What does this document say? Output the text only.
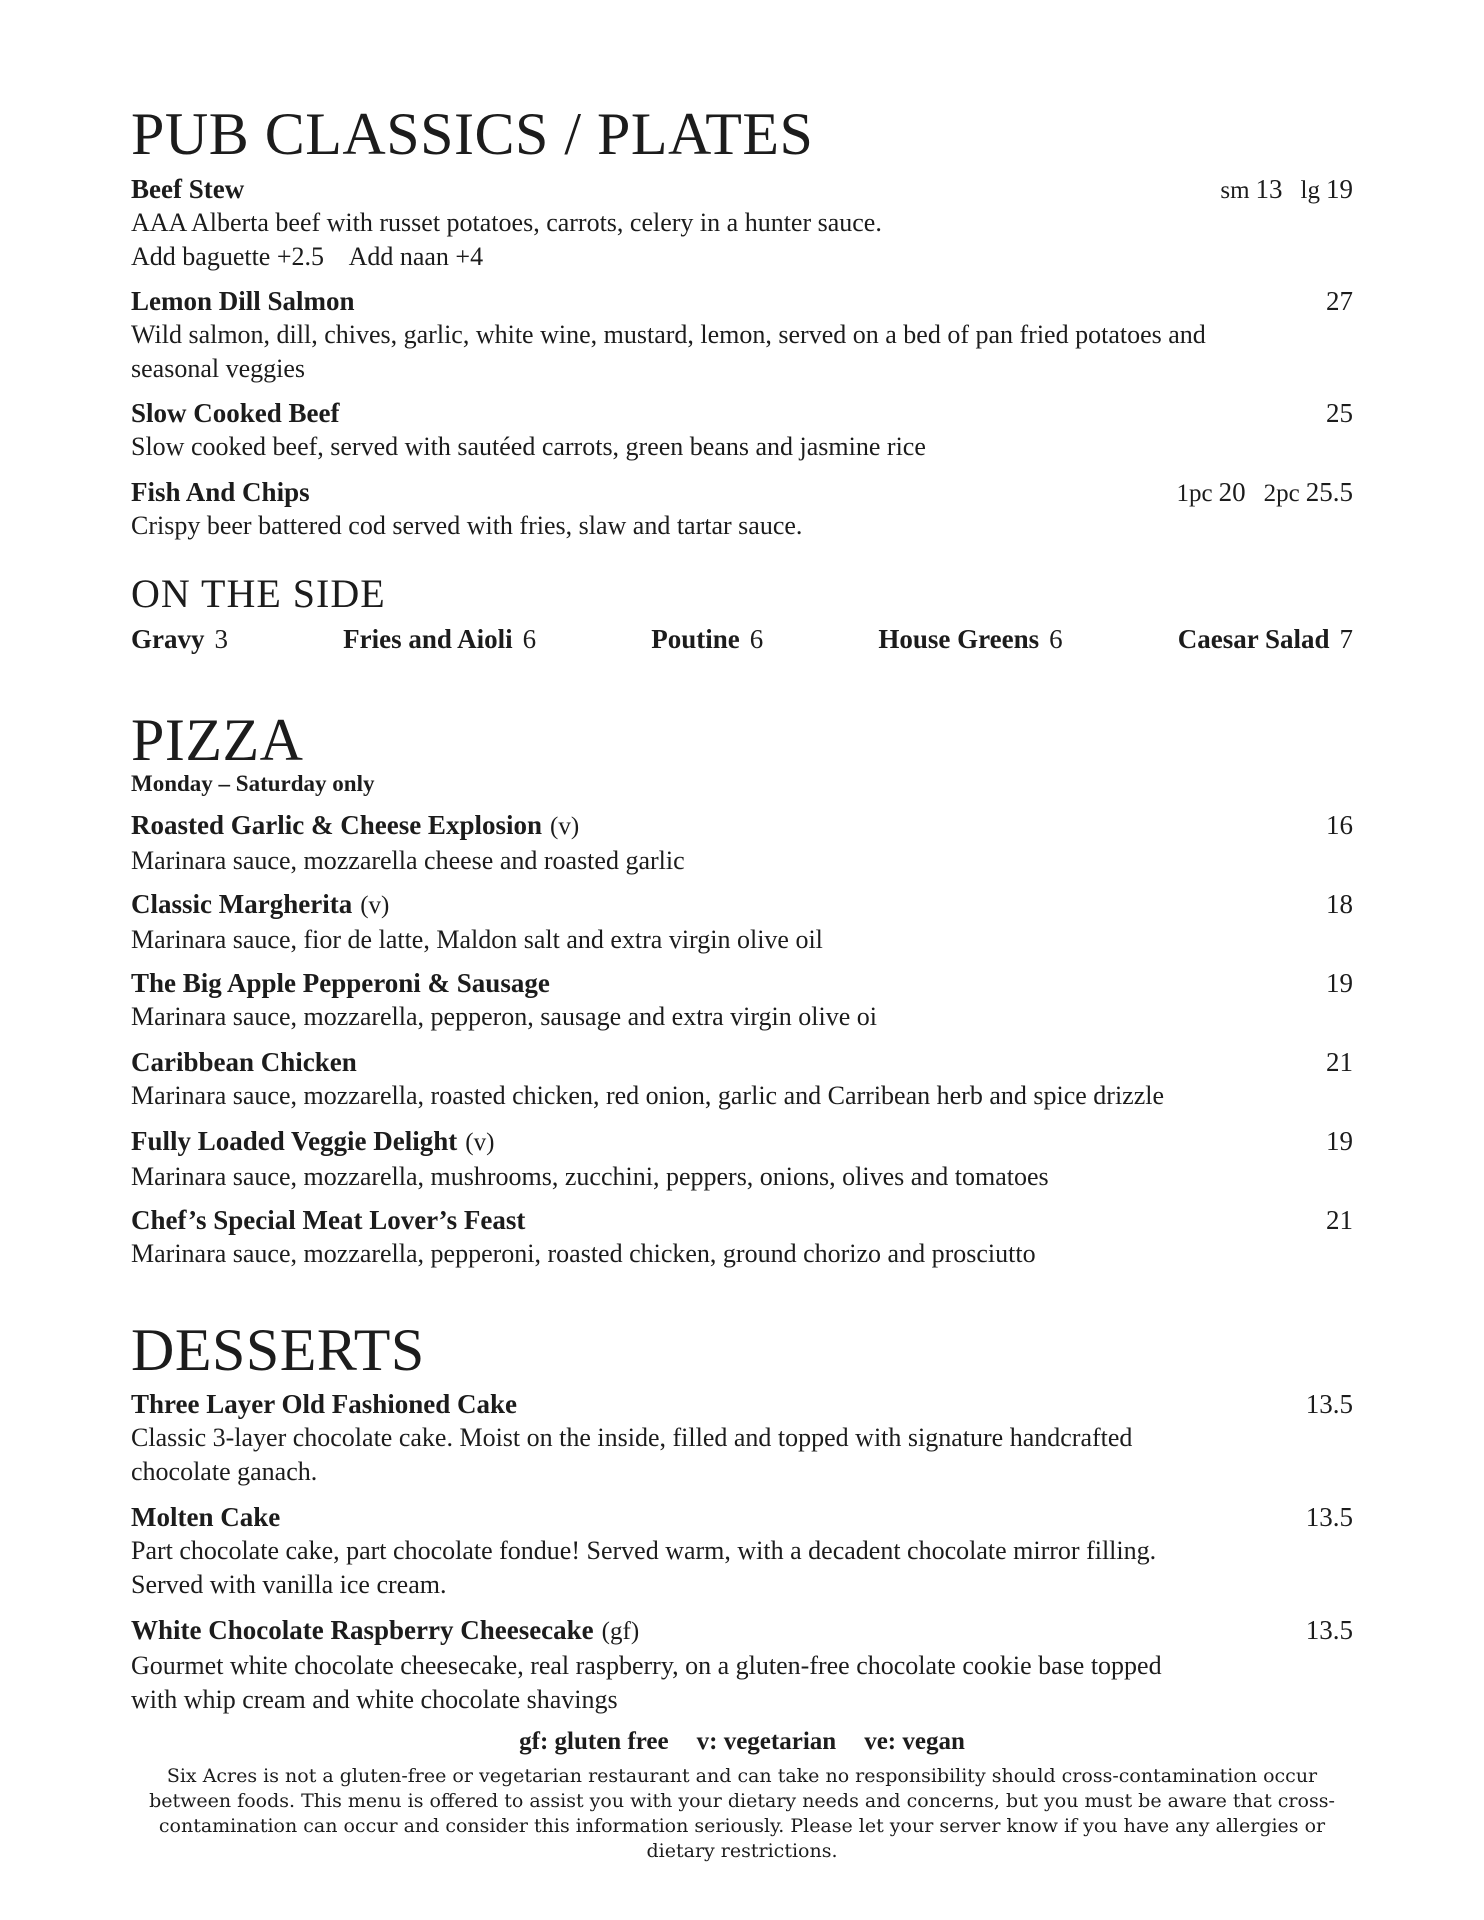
PUB CLASSICS / PLATES
Beef Stew	sm 13 lg 19
AAA Alberta beef with russet potatoes, carrots, celery in a hunter sauce.
Add baguette +2.5    Add naan +4
Lemon Dill Salmon	27
Wild salmon, dill, chives, garlic, white wine, mustard, lemon, served on a bed of pan fried potatoes and seasonal veggies
Slow Cooked Beef	25
Slow cooked beef, served with sautéed carrots, green beans and jasmine rice
Fish And Chips	1pc 20 2pc 25.5
Crispy beer battered cod served with fries, slaw and tartar sauce.
ON THE SIDE
Gravy 3	Fries and Aioli 6	Poutine 6	House Greens 6	Caesar Salad 7
PIZZA
Monday – Saturday only
Roasted Garlic & Cheese Explosion (v)	16
Marinara sauce, mozzarella cheese and roasted garlic
Classic Margherita (v)	18
Marinara sauce, fior de latte, Maldon salt and extra virgin olive oil
The Big Apple Pepperoni & Sausage	19
Marinara sauce, mozzarella, pepperon, sausage and extra virgin olive oi
Caribbean Chicken	21
Marinara sauce, mozzarella, roasted chicken, red onion, garlic and Carribean herb and spice drizzle
Fully Loaded Veggie Delight (v)	19
Marinara sauce, mozzarella, mushrooms, zucchini, peppers, onions, olives and tomatoes
Chef’s Special Meat Lover’s Feast	21
Marinara sauce, mozzarella, pepperoni, roasted chicken, ground chorizo and prosciutto
DESSERTS
Three Layer Old Fashioned Cake	13.5
Classic 3-layer chocolate cake. Moist on the inside, filled and topped with signature handcrafted chocolate ganach.
Molten Cake	13.5
Part chocolate cake, part chocolate fondue! Served warm, with a decadent chocolate mirror filling. Served with vanilla ice cream.
White Chocolate Raspberry Cheesecake (gf)	13.5
Gourmet white chocolate cheesecake, real raspberry, on a gluten-free chocolate cookie base topped with whip cream and white chocolate shavings
gf: gluten free v: vegetarian ve: vegan
Six Acres is not a gluten-free or vegetarian restaurant and can take no responsibility should cross-contamination occur between foods. This menu is offered to assist you with your dietary needs and concerns, but you must be aware that cross-contamination can occur and consider this information seriously. Please let your server know if you have any allergies or dietary restrictions.
